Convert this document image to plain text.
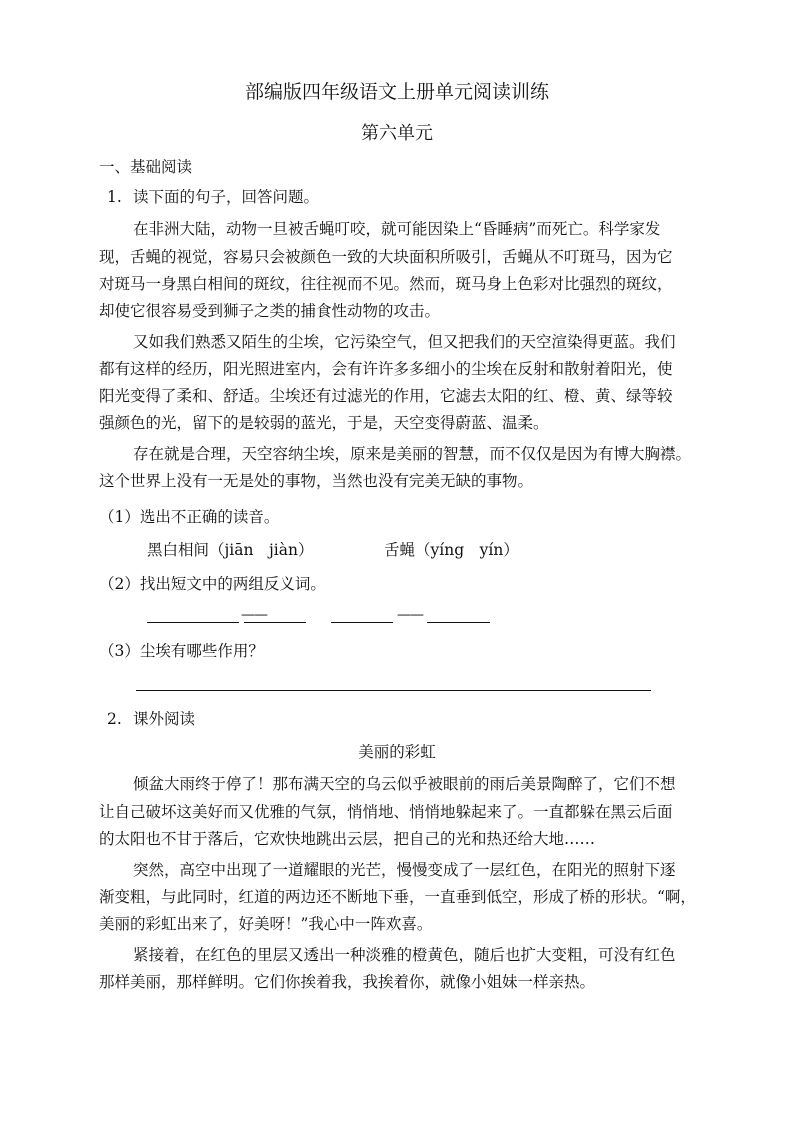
部编版四年级语文上册单元阅读训练
第六单元
一、基础阅读
1. 读下面的句子，回答问题。
在非洲大陆，动物一旦被舌蝇叮咬，就可能因染上“昏睡病”而死亡。科学家发
现，舌蝇的视觉，容易只会被颜色一致的大块面积所吸引，舌蝇从不叮斑马，因为它
对斑马一身黑白相间的斑纹，往往视而不见。然而，斑马身上色彩对比强烈的斑纹，
却使它很容易受到狮子之类的捕食性动物的攻击。
又如我们熟悉又陌生的尘埃，它污染空气，但又把我们的天空渲染得更蓝。我们
都有这样的经历，阳光照进室内，会有许许多多细小的尘埃在反射和散射着阳光，使
阳光变得了柔和、舒适。尘埃还有过滤光的作用，它滤去太阳的红、橙、黄、绿等较
强颜色的光，留下的是较弱的蓝光，于是，天空变得蔚蓝、温柔。
存在就是合理，天空容纳尘埃，原来是美丽的智慧，而不仅仅是因为有博大胸襟。
这个世界上没有一无是处的事物，当然也没有完美无缺的事物。
（1）选出不正确的读音。
黑白相间（jiān　jiàn）	舌蝇（yíng　yín）
（2）找出短文中的两组反义词。
——	——
（3）尘埃有哪些作用？
2. 课外阅读
美丽的彩虹
倾盆大雨终于停了！那布满天空的乌云似乎被眼前的雨后美景陶醉了，它们不想
让自己破坏这美好而又优雅的气氛，悄悄地、悄悄地躲起来了。一直都躲在黑云后面
的太阳也不甘于落后，它欢快地跳出云层，把自己的光和热还给大地……
突然，高空中出现了一道耀眼的光芒，慢慢变成了一层红色，在阳光的照射下逐
渐变粗，与此同时，红道的两边还不断地下垂，一直垂到低空，形成了桥的形状。“啊，
美丽的彩虹出来了，好美呀！”我心中一阵欢喜。
紧接着，在红色的里层又透出一种淡雅的橙黄色，随后也扩大变粗，可没有红色
那样美丽，那样鲜明。它们你挨着我，我挨着你，就像小姐妹一样亲热。
